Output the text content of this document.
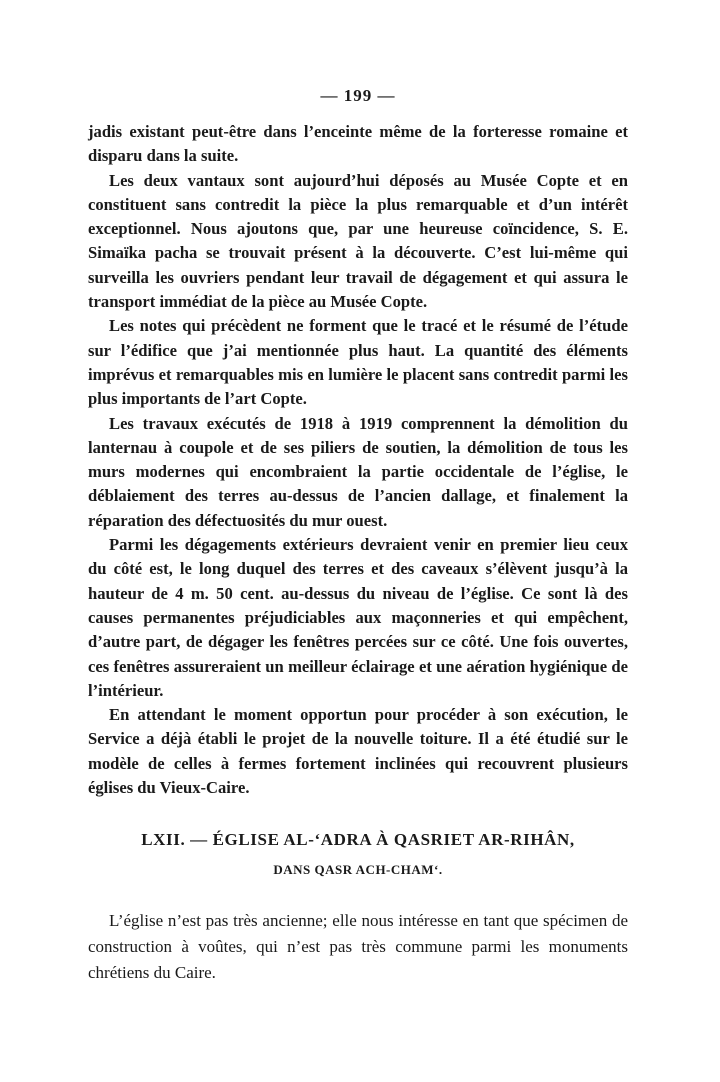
— 199 —

jadis existant peut-être dans l’enceinte même de la forteresse romaine et disparu dans la suite.

Les deux vantaux sont aujourd’hui déposés au Musée Copte et en constituent sans contredit la pièce la plus remarquable et d’un intérêt exceptionnel. Nous ajoutons que, par une heureuse coïncidence, S. E. Simaïka pacha se trouvait présent à la découverte. C’est lui-même qui surveilla les ouvriers pendant leur travail de dégagement et qui assura le transport immédiat de la pièce au Musée Copte.

Les notes qui précèdent ne forment que le tracé et le résumé de l’étude sur l’édifice que j’ai mentionnée plus haut. La quantité des éléments imprévus et remarquables mis en lumière le placent sans contredit parmi les plus importants de l’art Copte.

Les travaux exécutés de 1918 à 1919 comprennent la démolition du lanternau à coupole et de ses piliers de soutien, la démolition de tous les murs modernes qui encombraient la partie occidentale de l’église, le déblaiement des terres au-dessus de l’ancien dallage, et finalement la réparation des défectuosités du mur ouest.

Parmi les dégagements extérieurs devraient venir en premier lieu ceux du côté est, le long duquel des terres et des caveaux s’élèvent jusqu’à la hauteur de 4 m. 50 cent. au-dessus du niveau de l’église. Ce sont là des causes permanentes préjudiciables aux maçonneries et qui empêchent, d’autre part, de dégager les fenêtres percées sur ce côté. Une fois ouvertes, ces fenêtres assureraient un meilleur éclairage et une aération hygiénique de l’intérieur.

En attendant le moment opportun pour procéder à son exécution, le Service a déjà établi le projet de la nouvelle toiture. Il a été étudié sur le modèle de celles à fermes fortement inclinées qui recouvrent plusieurs églises du Vieux-Caire.

LXII. — ÉGLISE AL-‘ADRA À QASRIET AR-RIHÂN,
DANS QASR ACH-CHAM‘.

L’église n’est pas très ancienne; elle nous intéresse en tant que spécimen de construction à voûtes, qui n’est pas très commune parmi les monuments chrétiens du Caire.
